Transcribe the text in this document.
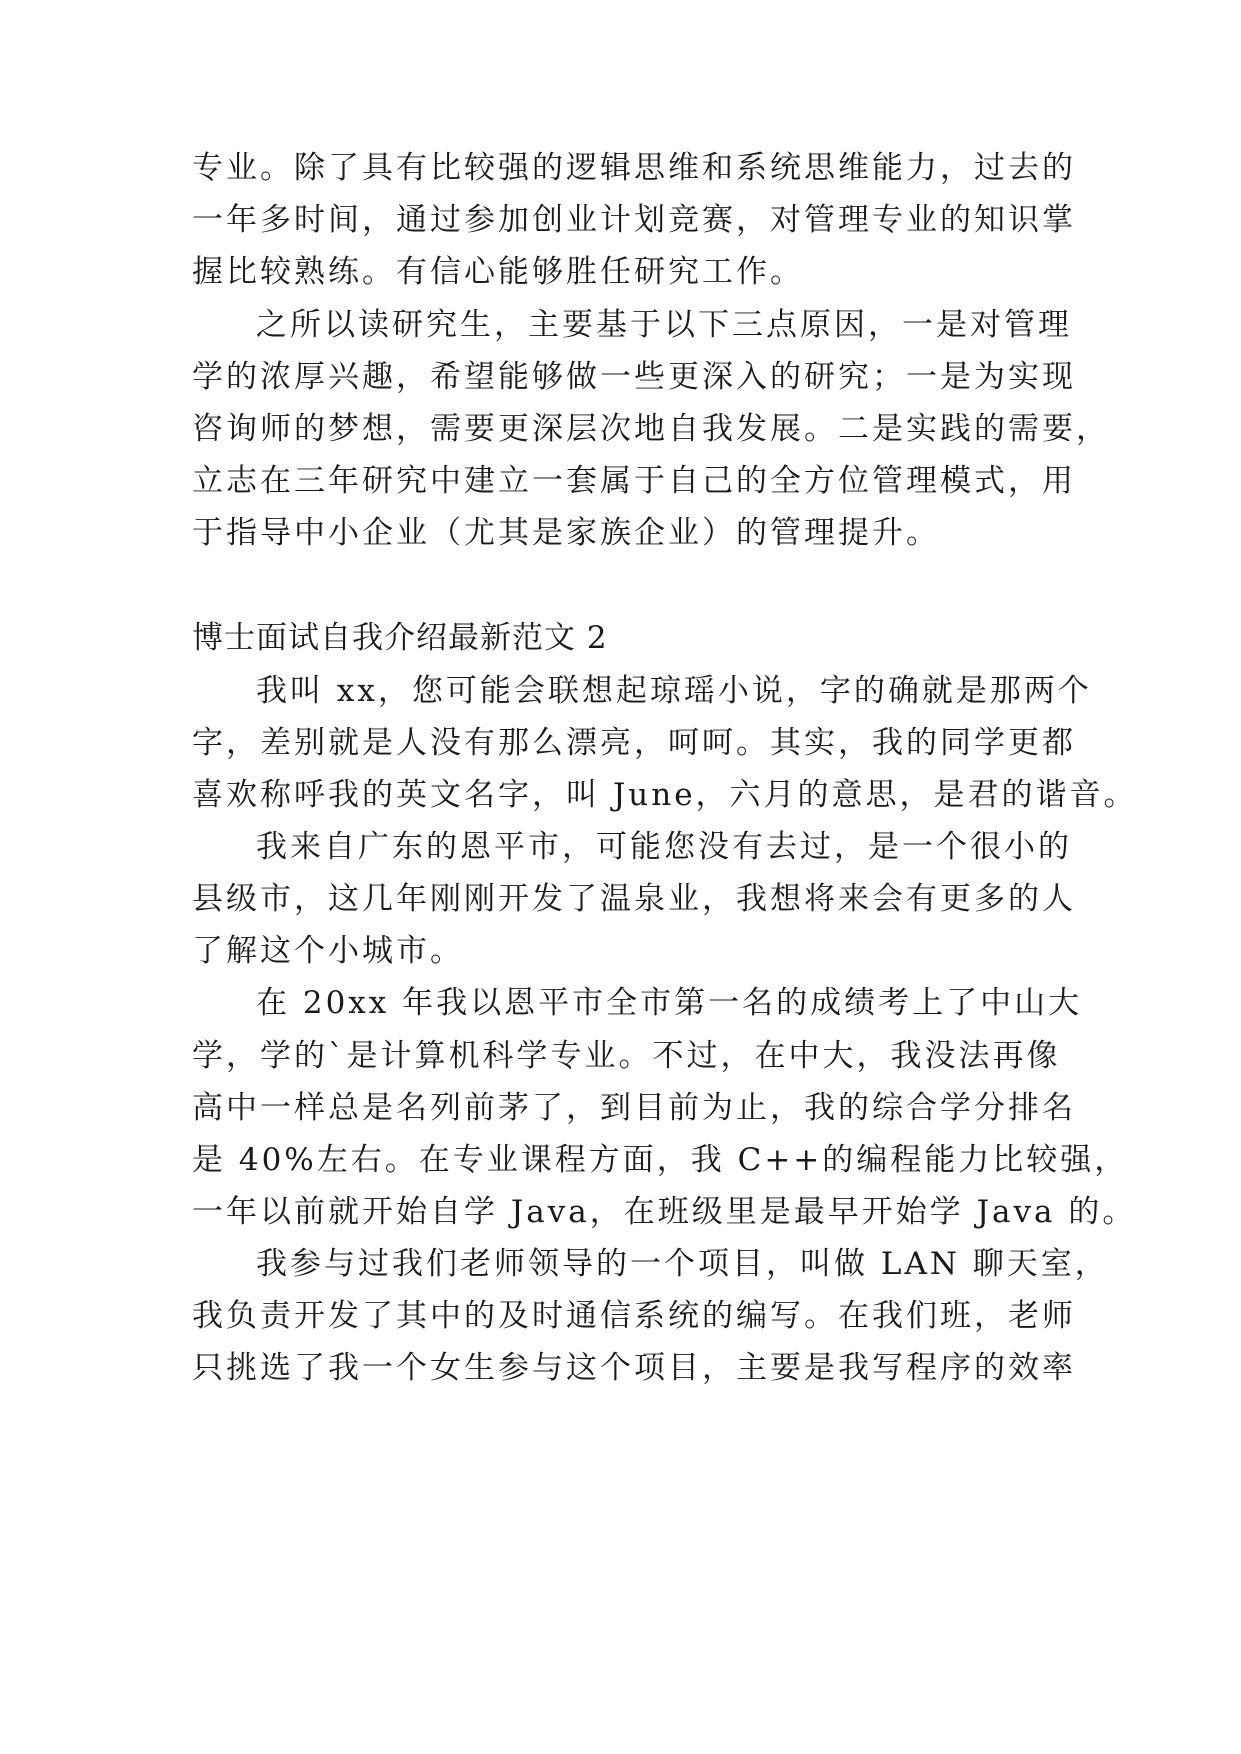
专业。除了具有比较强的逻辑思维和系统思维能力，过去的
一年多时间，通过参加创业计划竞赛，对管理专业的知识掌
握比较熟练。有信心能够胜任研究工作。
之所以读研究生，主要基于以下三点原因，一是对管理
学的浓厚兴趣，希望能够做一些更深入的研究；一是为实现
咨询师的梦想，需要更深层次地自我发展。二是实践的需要，
立志在三年研究中建立一套属于自己的全方位管理模式，用
于指导中小企业（尤其是家族企业）的管理提升。
博士面试自我介绍最新范文 2
我叫 xx，您可能会联想起琼瑶小说，字的确就是那两个
字，差别就是人没有那么漂亮，呵呵。其实，我的同学更都
喜欢称呼我的英文名字，叫 June，六月的意思，是君的谐音。
我来自广东的恩平市，可能您没有去过，是一个很小的
县级市，这几年刚刚开发了温泉业，我想将来会有更多的人
了解这个小城市。
在 20xx 年我以恩平市全市第一名的成绩考上了中山大
学，学的`是计算机科学专业。不过，在中大，我没法再像
高中一样总是名列前茅了，到目前为止，我的综合学分排名
是 40%左右。在专业课程方面，我 C++的编程能力比较强，
一年以前就开始自学 Java，在班级里是最早开始学 Java 的。
我参与过我们老师领导的一个项目，叫做 LAN 聊天室，
我负责开发了其中的及时通信系统的编写。在我们班，老师
只挑选了我一个女生参与这个项目，主要是我写程序的效率
